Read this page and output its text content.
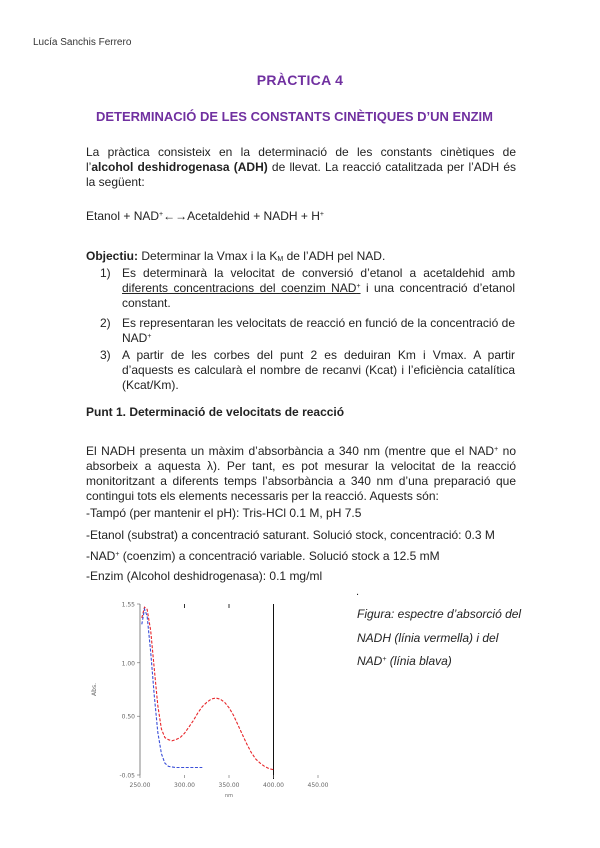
Lucía Sanchis Ferrero
PRÀCTICA 4
DETERMINACIÓ DE LES CONSTANTS CINÈTIQUES D’UN ENZIM
La pràctica consisteix en la determinació de les constants cinètiques de l’alcohol deshidrogenasa (ADH) de llevat. La reacció catalitzada per l’ADH és la següent:
Etanol + NAD+←→Acetaldehid + NADH + H+
Objectiu: Determinar la Vmax i la $K_M$ de l’ADH pel NAD.
1) Es determinarà la velocitat de conversió d’etanol a acetaldehid amb diferents concentracions del coenzim NAD+ i una concentració d’etanol constant.
2) Es representaran les velocitats de reacció en funció de la concentració de NAD+
3) A partir de les corbes del punt 2 es deduiran Km i Vmax. A partir d’aquests es calcularà el nombre de recanvi (Kcat) i l’eficiència catalítica (Kcat/Km).
Punt 1. Determinació de velocitats de reacció
El NADH presenta un màxim d’absorbància a 340 nm (mentre que el NAD+ no absorbeix a aquesta λ). Per tant, es pot mesurar la velocitat de la reacció monitoritzant a diferents temps l’absorbància a 340 nm d’una preparació que contingui tots els elements necessaris per la reacció. Aquests són:
-Tampó (per mantenir el pH): Tris-HCl 0.1 M, pH 7.5
-Etanol (substrat) a concentració saturant. Solució stock, concentració: 0.3 M
-NAD+ (coenzim) a concentració variable. Solució stock a 12.5 mM
-Enzim (Alcohol deshidrogenasa): 0.1 mg/ml
.
1.55
1.00
0.50
-0.05
250.00	300.00	350.00	400.00	450.00
Abs.
nm
Figura: espectre d’absorció del NADH (línia vermella) i del NAD+ (línia blava)
